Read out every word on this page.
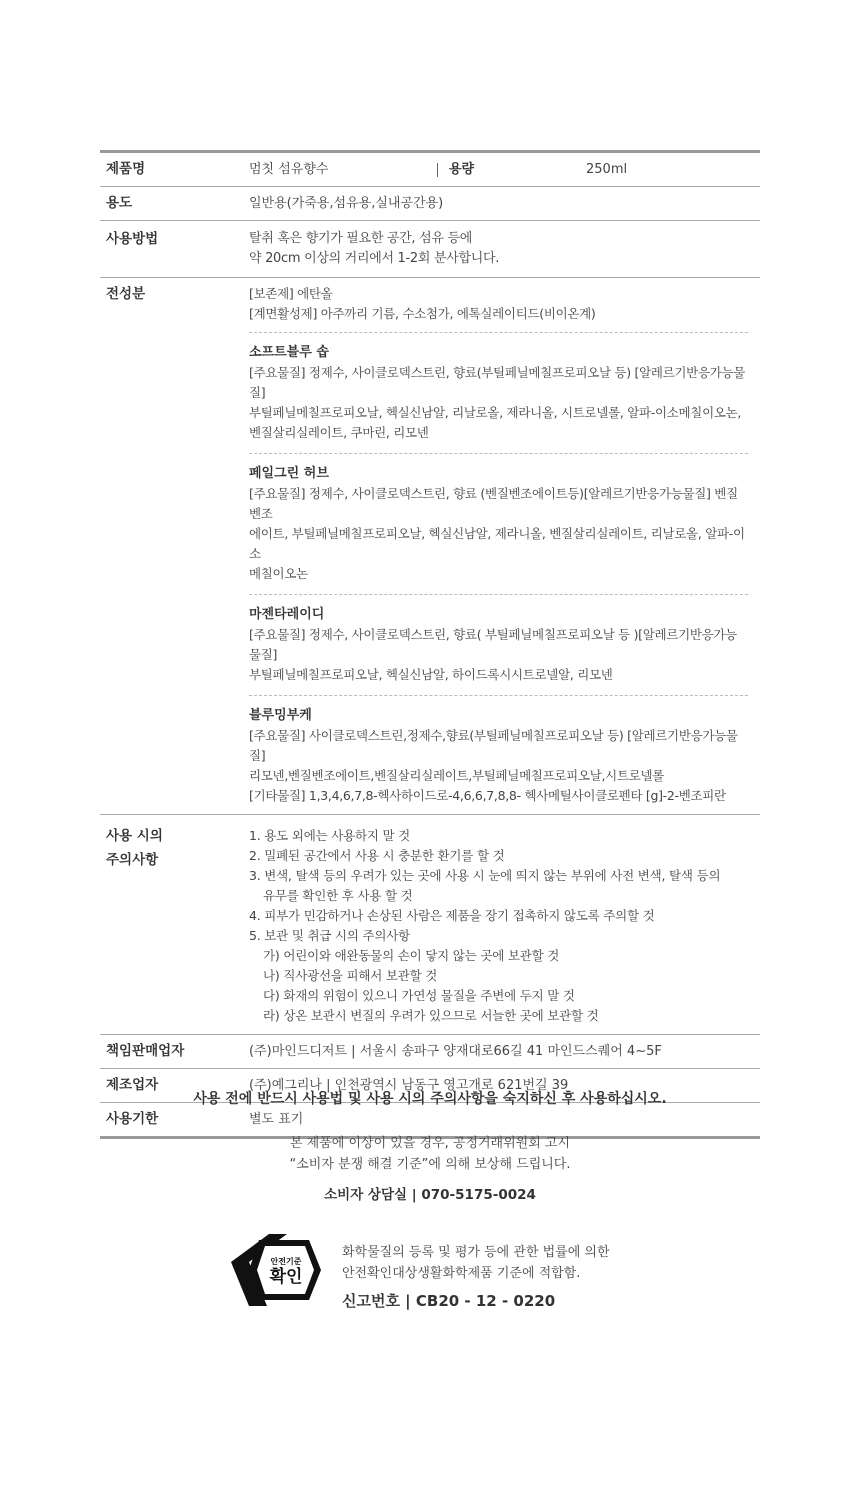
제품명	멈칫 섬유향수	용량	250ml
용도	일반용(가죽용,섬유용,실내공간용)
사용방법	탈취 혹은 향기가 필요한 공간, 섬유 등에
약 20cm 이상의 거리에서 1-2회 분사합니다.
전성분	[보존제] 에탄올
[계면활성제] 아주까리 기름, 수소첨가, 에톡실레이티드(비이온계)
소프트블루 솝
[주요물질] 정제수, 사이클로덱스트린, 향료(부틸페닐메칠프로피오날 등) [알레르기반응가능물질]
부틸페닐메칠프로피오날, 헥실신남알, 리날로올, 제라니올, 시트로넬롤, 알파-이소메칠이오논,
벤질살리실레이트, 쿠마린, 리모넨
페일그린 허브
[주요물질] 정제수, 사이클로덱스트린, 향료 (벤질벤조에이트등)[알레르기반응가능물질] 벤질벤조
에이트, 부틸페닐메칠프로피오날, 헥실신남알, 제라니올, 벤질살리실레이트, 리날로올, 알파-이소
메칠이오논
마젠타레이디
[주요물질] 정제수, 사이클로덱스트린, 향료( 부틸페닐메칠프로피오날 등 )[알레르기반응가능물질]
부틸페닐메칠프로피오날, 헥실신남알, 하이드록시시트로넬알, 리모넨
블루밍부케
[주요물질] 사이클로덱스트린,정제수,향료(부틸페닐메칠프로피오날 등) [알레르기반응가능물질]
리모넨,벤질벤조에이트,벤질살리실레이트,부틸페닐메칠프로피오날,시트로넬롤
[기타물질] 1,3,4,6,7,8-헥사하이드로-4,6,6,7,8,8- 헥사메틸사이클로펜타 [g]-2-벤조피란
사용 시의
주의사항
1. 용도 외에는 사용하지 말 것
2. 밀폐된 공간에서 사용 시 충분한 환기를 할 것
3. 변색, 탈색 등의 우려가 있는 곳에 사용 시 눈에 띄지 않는 부위에 사전 변색, 탈색 등의
유무를 확인한 후 사용 할 것
4. 피부가 민감하거나 손상된 사람은 제품을 장기 접촉하지 않도록 주의할 것
5. 보관 및 취급 시의 주의사항
가) 어린이와 애완동물의 손이 닿지 않는 곳에 보관할 것
나) 직사광선을 피해서 보관할 것
다) 화재의 위험이 있으니 가연성 물질을 주변에 두지 말 것
라) 상온 보관시 변질의 우려가 있으므로 서늘한 곳에 보관할 것
책임판매업자	(주)마인드디저트 | 서울시 송파구 양재대로66길 41 마인드스퀘어 4~5F
제조업자	(주)예그리나 | 인천광역시 남동구 영고개로 621번길 39
사용기한	별도 표기
사용 전에 반드시 사용법 및 사용 시의 주의사항을 숙지하신 후 사용하십시오.
본 제품에 이상이 있을 경우, 공정거래위원회 고시
“소비자 분쟁 해결 기준”에 의해 보상해 드립니다.
소비자 상담실 | 070-5175-0024
안전기준
확인
화학물질의 등록 및 평가 등에 관한 법률에 의한
안전확인대상생활화학제품 기준에 적합함.
신고번호 | CB20 - 12 - 0220
